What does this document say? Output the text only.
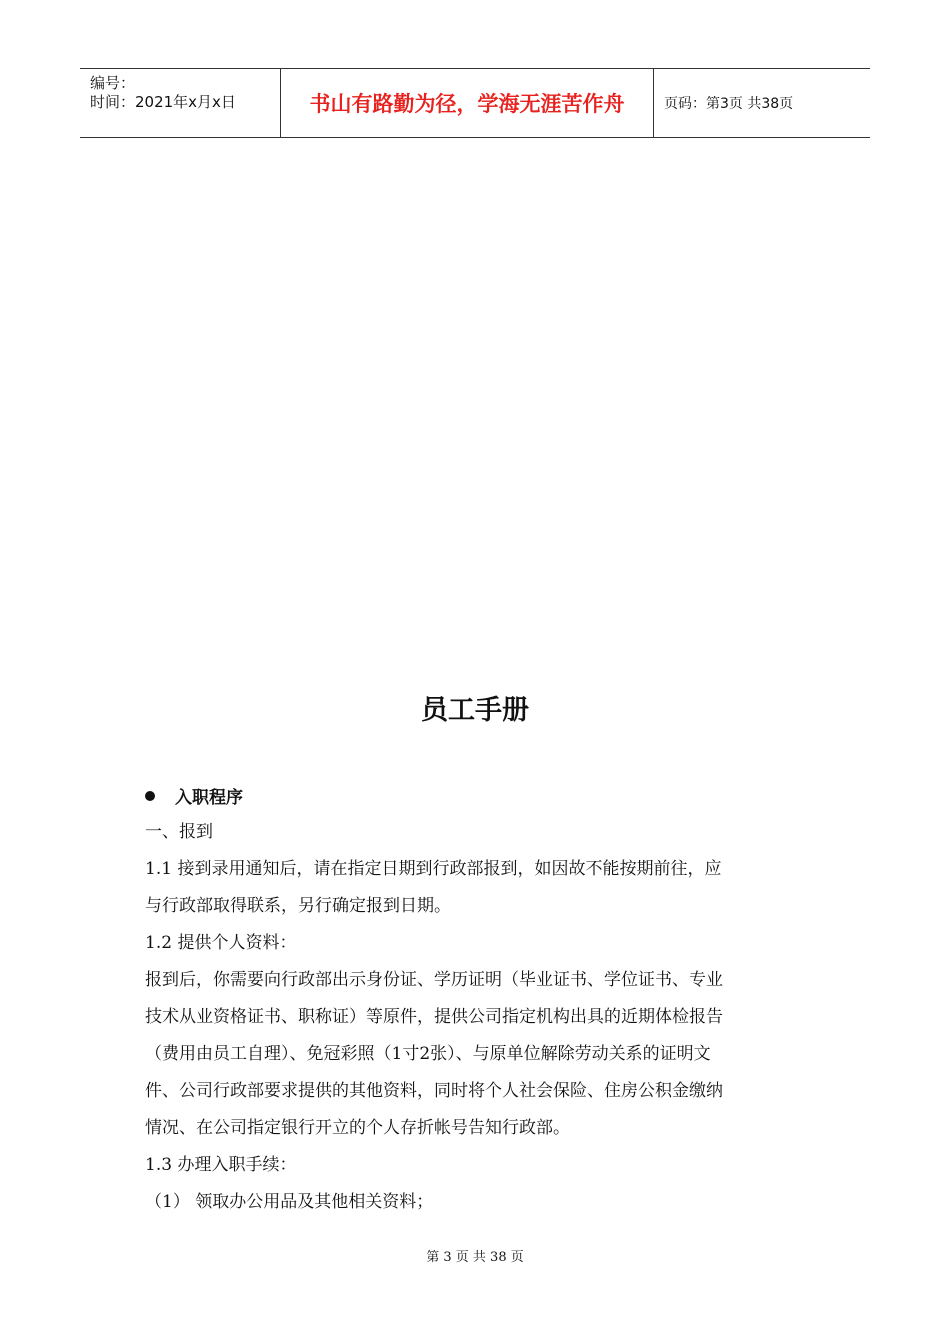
编号：
时间：2021年x月x日	书山有路勤为径，学海无涯苦作舟	页码：第3页 共38页
员工手册
入职程序
一、报到
1.1 接到录用通知后，请在指定日期到行政部报到，如因故不能按期前往，应
与行政部取得联系，另行确定报到日期。
1.2 提供个人资料：
报到后，你需要向行政部出示身份证、学历证明（毕业证书、学位证书、专业
技术从业资格证书、职称证）等原件，提供公司指定机构出具的近期体检报告
（费用由员工自理）、免冠彩照（1寸2张）、与原单位解除劳动关系的证明文
件、公司行政部要求提供的其他资料，同时将个人社会保险、住房公积金缴纳
情况、在公司指定银行开立的个人存折帐号告知行政部。
1.3 办理入职手续：
（1） 领取办公用品及其他相关资料；
第 3 页 共 38 页
